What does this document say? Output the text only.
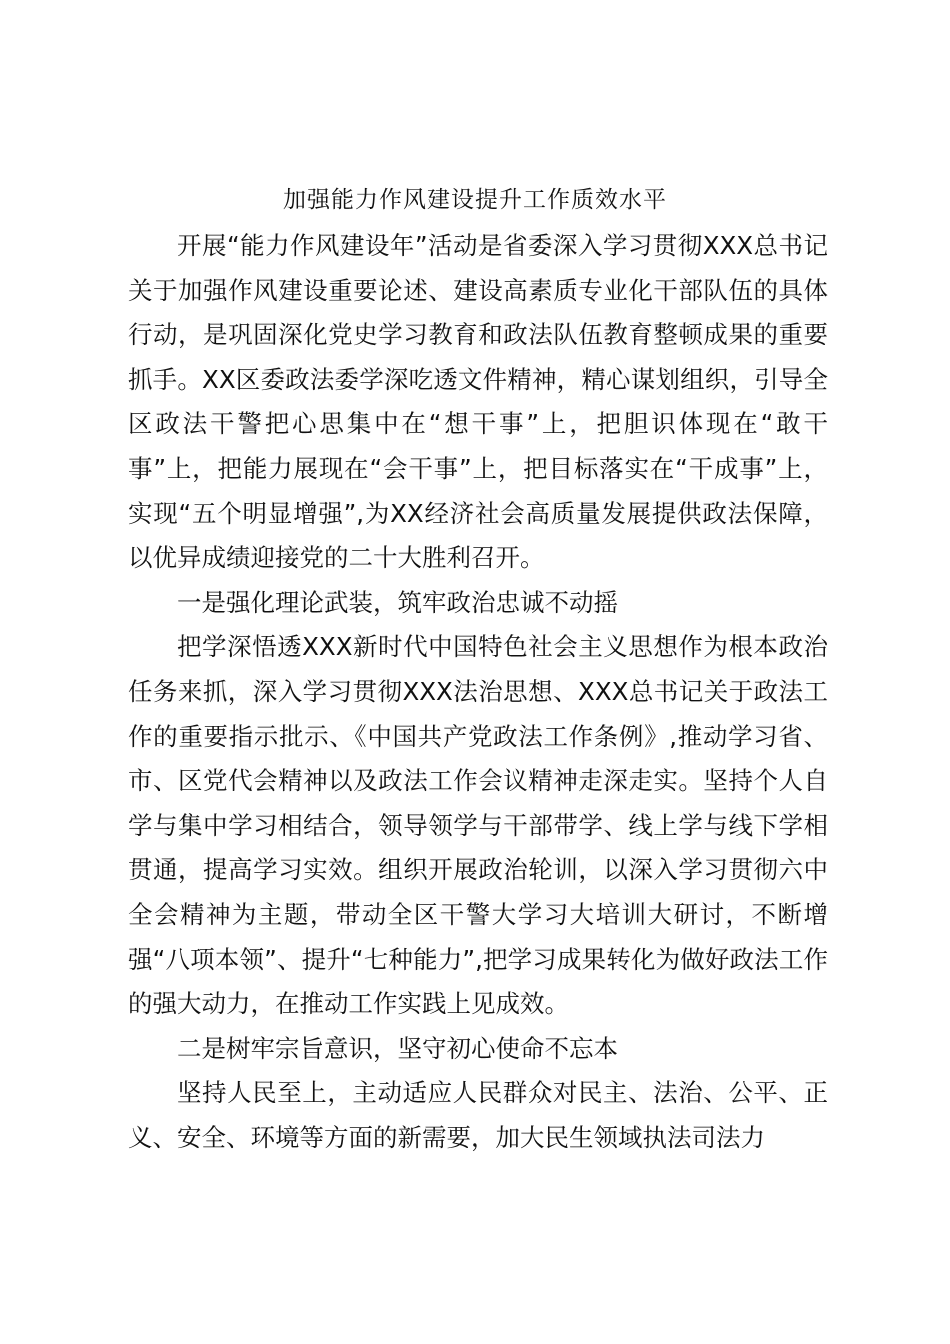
加强能力作风建设提升工作质效水平

开展“能力作风建设年”活动是省委深入学习贯彻XXX总书记关于加强作风建设重要论述、建设高素质专业化干部队伍的具体行动，是巩固深化党史学习教育和政法队伍教育整顿成果的重要抓手。XX区委政法委学深吃透文件精神，精心谋划组织，引导全区政法干警把心思集中在“想干事”上，把胆识体现在“敢干事”上，把能力展现在“会干事”上，把目标落实在“干成事”上，实现“五个明显增强”,为XX经济社会高质量发展提供政法保障，以优异成绩迎接党的二十大胜利召开。

一是强化理论武装，筑牢政治忠诚不动摇

把学深悟透XXX新时代中国特色社会主义思想作为根本政治任务来抓，深入学习贯彻XXX法治思想、XXX总书记关于政法工作的重要指示批示、《中国共产党政法工作条例》,推动学习省、市、区党代会精神以及政法工作会议精神走深走实。坚持个人自学与集中学习相结合，领导领学与干部带学、线上学与线下学相贯通，提高学习实效。组织开展政治轮训，以深入学习贯彻六中全会精神为主题，带动全区干警大学习大培训大研讨，不断增强“八项本领”、提升“七种能力”,把学习成果转化为做好政法工作的强大动力，在推动工作实践上见成效。

二是树牢宗旨意识，坚守初心使命不忘本

坚持人民至上，主动适应人民群众对民主、法治、公平、正义、安全、环境等方面的新需要，加大民生领域执法司法力
